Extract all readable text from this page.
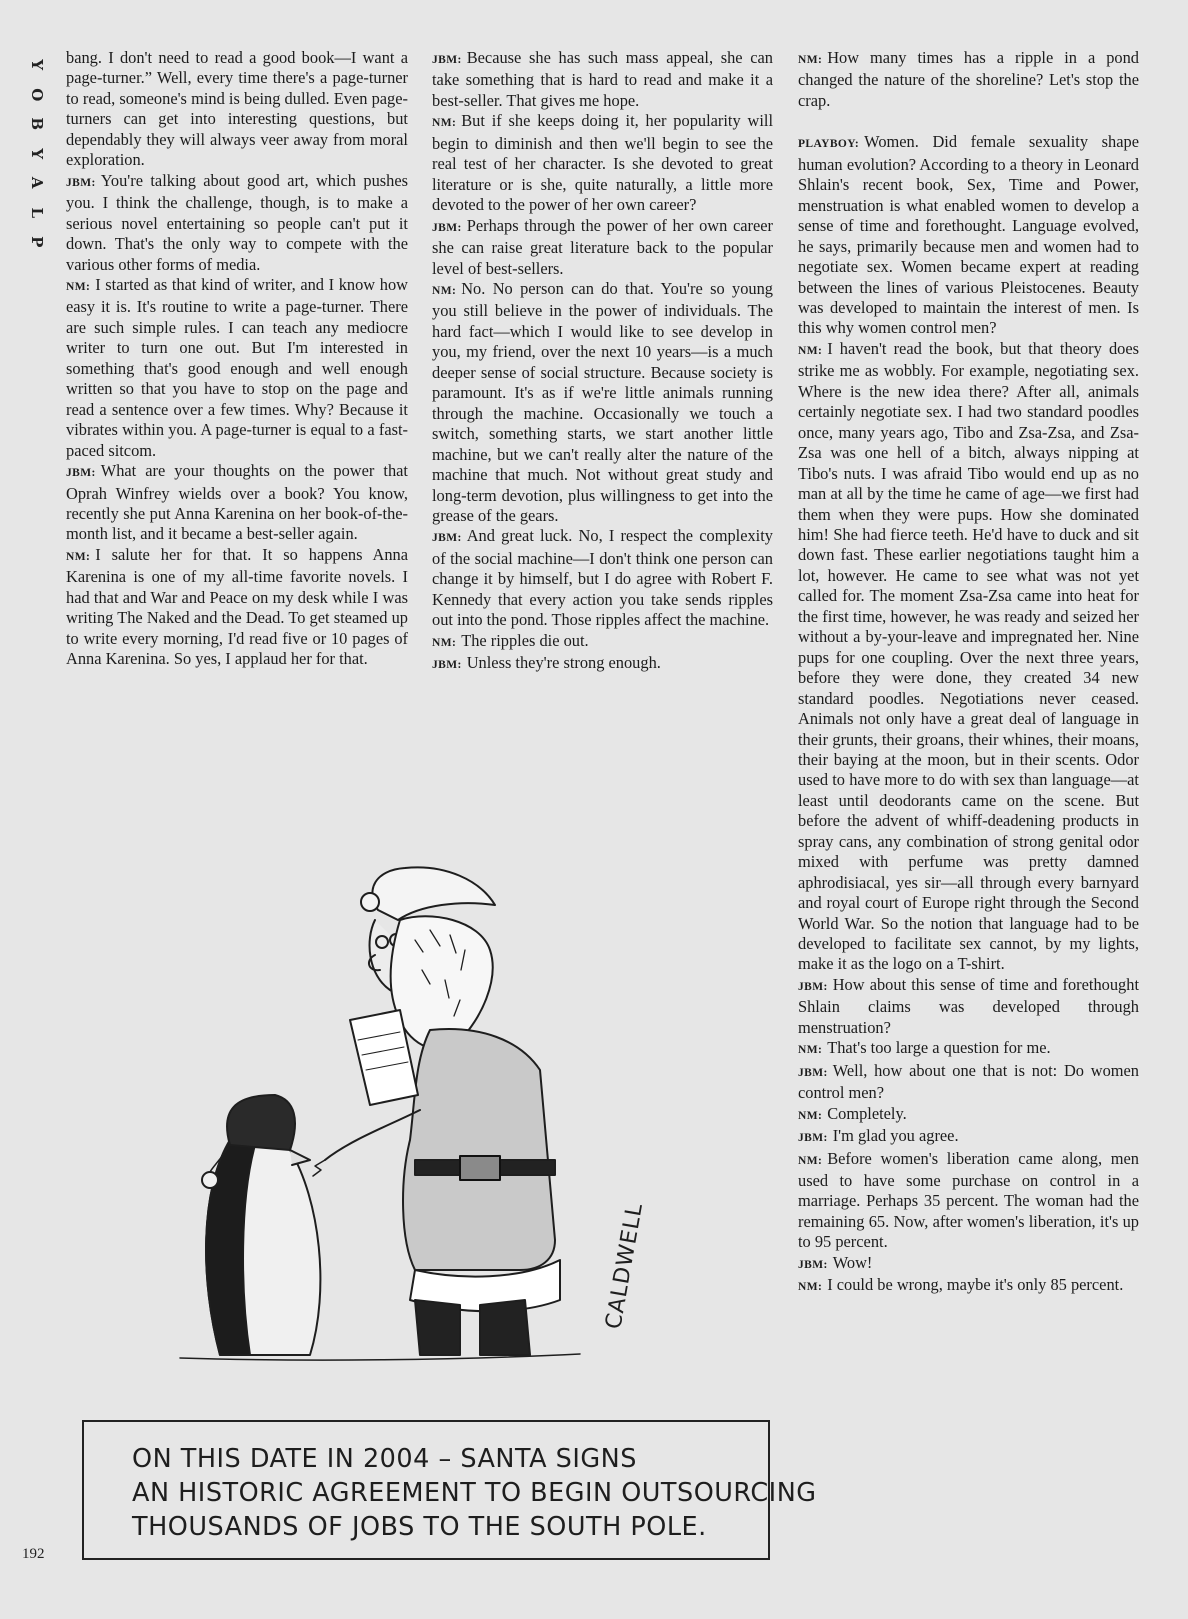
Y
O
B
Y
A
L
P

bang. I don't need to read a good book—I want a page-turner.” Well, every time there's a page-turner to read, someone's mind is being dulled. Even page-turners can get into interesting questions, but dependably they will always veer away from moral exploration.

JBM: You're talking about good art, which pushes you. I think the challenge, though, is to make a serious novel entertaining so people can't put it down. That's the only way to compete with the various other forms of media.

NM: I started as that kind of writer, and I know how easy it is. It's routine to write a page-turner. There are such simple rules. I can teach any mediocre writer to turn one out. But I'm interested in something that's good enough and well enough written so that you have to stop on the page and read a sentence over a few times. Why? Because it vibrates within you. A page-turner is equal to a fast-paced sitcom.

JBM: What are your thoughts on the power that Oprah Winfrey wields over a book? You know, recently she put Anna Karenina on her book-of-the-month list, and it became a best-seller again.

NM: I salute her for that. It so happens Anna Karenina is one of my all-time favorite novels. I had that and War and Peace on my desk while I was writing The Naked and the Dead. To get steamed up to write every morning, I'd read five or 10 pages of Anna Karenina. So yes, I applaud her for that.

JBM: Because she has such mass appeal, she can take something that is hard to read and make it a best-seller. That gives me hope.

NM: But if she keeps doing it, her popularity will begin to diminish and then we'll begin to see the real test of her character. Is she devoted to great literature or is she, quite naturally, a little more devoted to the power of her own career?

JBM: Perhaps through the power of her own career she can raise great literature back to the popular level of best-sellers.

NM: No. No person can do that. You're so young you still believe in the power of individuals. The hard fact—which I would like to see develop in you, my friend, over the next 10 years—is a much deeper sense of social structure. Because society is paramount. It's as if we're little animals running through the machine. Occasionally we touch a switch, something starts, we start another little machine, but we can't really alter the nature of the machine that much. Not without great study and long-term devotion, plus willingness to get into the grease of the gears.

JBM: And great luck. No, I respect the complexity of the social machine—I don't think one person can change it by himself, but I do agree with Robert F. Kennedy that every action you take sends ripples out into the pond. Those ripples affect the machine.

NM: The ripples die out.

JBM: Unless they're strong enough.

NM: How many times has a ripple in a pond changed the nature of the shoreline? Let's stop the crap.

PLAYBOY: Women. Did female sexuality shape human evolution? According to a theory in Leonard Shlain's recent book, Sex, Time and Power, menstruation is what enabled women to develop a sense of time and forethought. Language evolved, he says, primarily because men and women had to negotiate sex. Women became expert at reading between the lines of various Pleistocenes. Beauty was developed to maintain the interest of men. Is this why women control men?

NM: I haven't read the book, but that theory does strike me as wobbly. For example, negotiating sex. Where is the new idea there? After all, animals certainly negotiate sex. I had two standard poodles once, many years ago, Tibo and Zsa-Zsa, and Zsa-Zsa was one hell of a bitch, always nipping at Tibo's nuts. I was afraid Tibo would end up as no man at all by the time he came of age—we first had them when they were pups. How she dominated him! She had fierce teeth. He'd have to duck and sit down fast. These earlier negotiations taught him a lot, however. He came to see what was not yet called for. The moment Zsa-Zsa came into heat for the first time, however, he was ready and seized her without a by-your-leave and impregnated her. Nine pups for one coupling. Over the next three years, before they were done, they created 34 new standard poodles. Negotiations never ceased. Animals not only have a great deal of language in their grunts, their groans, their whines, their moans, their baying at the moon, but in their scents. Odor used to have more to do with sex than language—at least until deodorants came on the scene. But before the advent of whiff-deadening products in spray cans, any combination of strong genital odor mixed with perfume was pretty damned aphrodisiacal, yes sir—all through every barnyard and royal court of Europe right through the Second World War. So the notion that language had to be developed to facilitate sex cannot, by my lights, make it as the logo on a T-shirt.

JBM: How about this sense of time and forethought Shlain claims was developed through menstruation?

NM: That's too large a question for me.

JBM: Well, how about one that is not: Do women control men?

NM: Completely.

JBM: I'm glad you agree.

NM: Before women's liberation came along, men used to have some purchase on control in a marriage. Perhaps 35 percent. The woman had the remaining 65. Now, after women's liberation, it's up to 95 percent.

JBM: Wow!

NM: I could be wrong, maybe it's only 85 percent.

CALDWELL
ON THIS DATE IN 2004 – SANTA SIGNS
AN HISTORIC AGREEMENT TO BEGIN OUTSOURCING
THOUSANDS OF JOBS TO THE SOUTH POLE.
192
